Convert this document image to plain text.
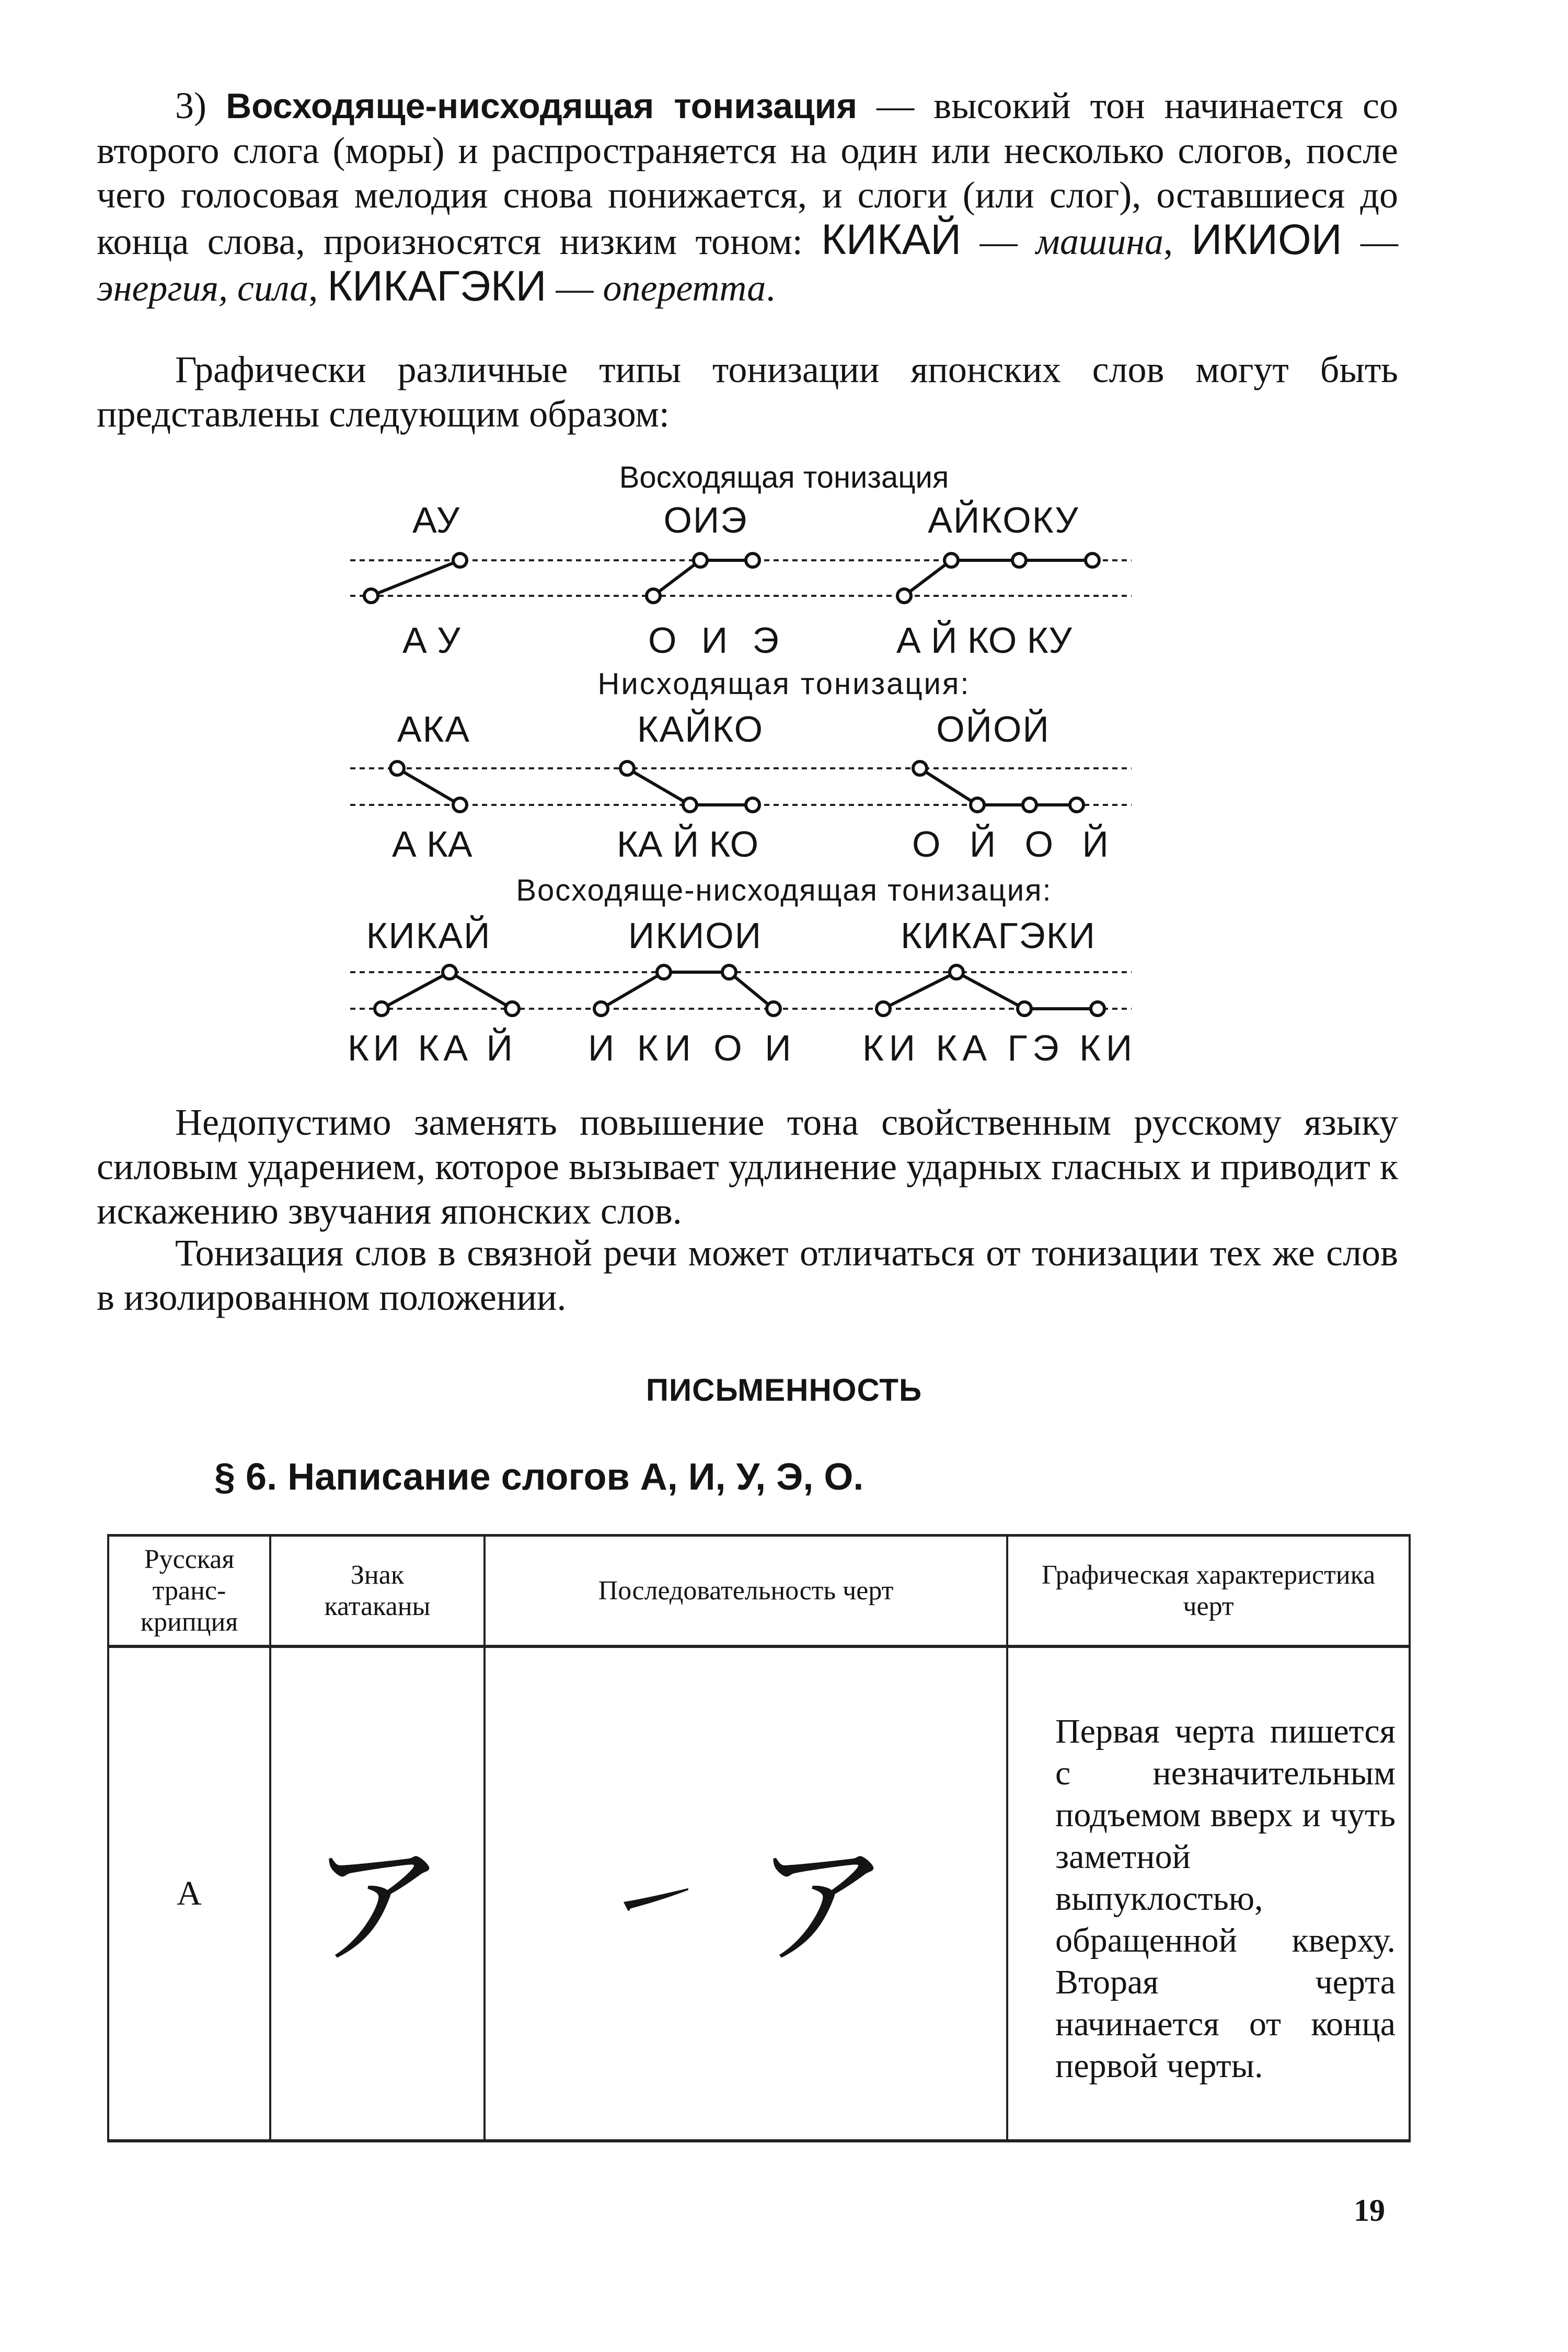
3) Восходяще-нисходящая тонизация — высокий тон начинается со второго слога (моры) и распространяется на один или несколько слогов, после чего голосовая мелодия снова понижается, и слоги (или слог), оставшиеся до конца слова, произносятся низким тоном: КИКАЙ — машина, ИКИОИ — энергия, сила, КИКАГЭКИ — оперетта.
Графически различные типы тонизации японских слов могут быть представлены следующим образом:
Восходящая тонизация
АУ	ОИЭ	АЙКОКУ
А У	О И Э	А Й КО КУ
Нисходящая тонизация:
АКА	КАЙКО	ОЙОЙ
А КА	КА Й КО	О Й О Й
Восходяще-нисходящая тонизация:
КИКАЙ	ИКИОИ	КИКАГЭКИ
КИ КА Й И КИ О И КИ КА ГЭ КИ
Недопустимо заменять повышение тона свойственным русскому языку силовым ударением, которое вызывает удлинение ударных гласных и приводит к искажению звучания японских слов.
Тонизация слов в связной речи может отличаться от тонизации тех же слов в изолированном положении.
ПИСЬМЕННОСТЬ
§ 6. Написание слогов А, И, У, Э, О.
Русская транс-крипция	Знак катаканы	Последовательность черт	Графическая характеристика черт
А	ア	㇀ ア	Первая черта пишется с незначительным подъемом вверх и чуть заметной выпуклостью, обращенной кверху. Вторая черта начинается от конца первой черты.
19
